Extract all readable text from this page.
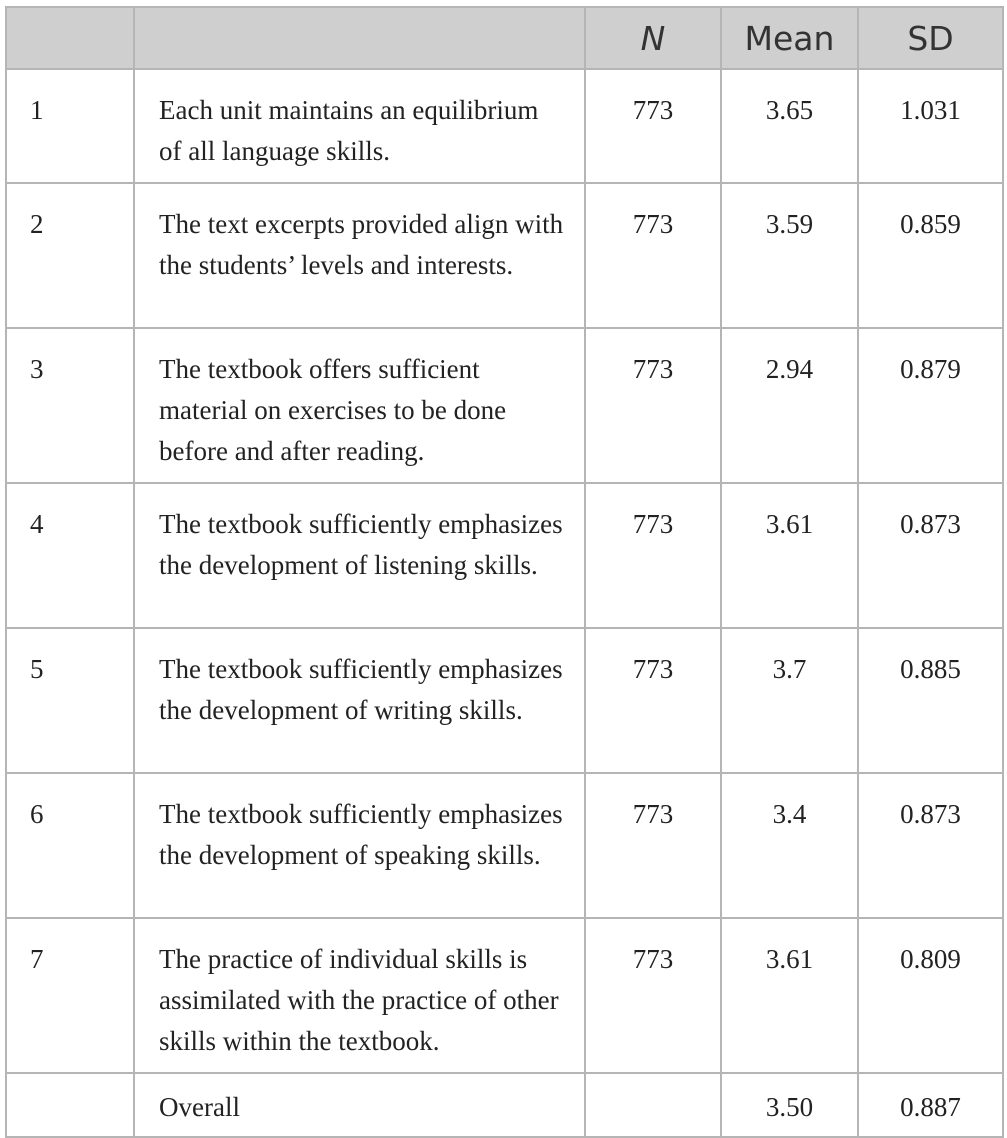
		N	Mean	SD
1	Each unit maintains an equilibrium of all language skills.	773	3.65	1.031
2	The text excerpts provided align with the students’ levels and interests.	773	3.59	0.859
3	The textbook offers sufficient material on exercises to be done before and after reading.	773	2.94	0.879
4	The textbook sufficiently emphasizes the development of listening skills.	773	3.61	0.873
5	The textbook sufficiently emphasizes the development of writing skills.	773	3.7	0.885
6	The textbook sufficiently emphasizes the development of speaking skills.	773	3.4	0.873
7	The practice of individual skills is assimilated with the practice of other skills within the textbook.	773	3.61	0.809
	Overall		3.50	0.887
